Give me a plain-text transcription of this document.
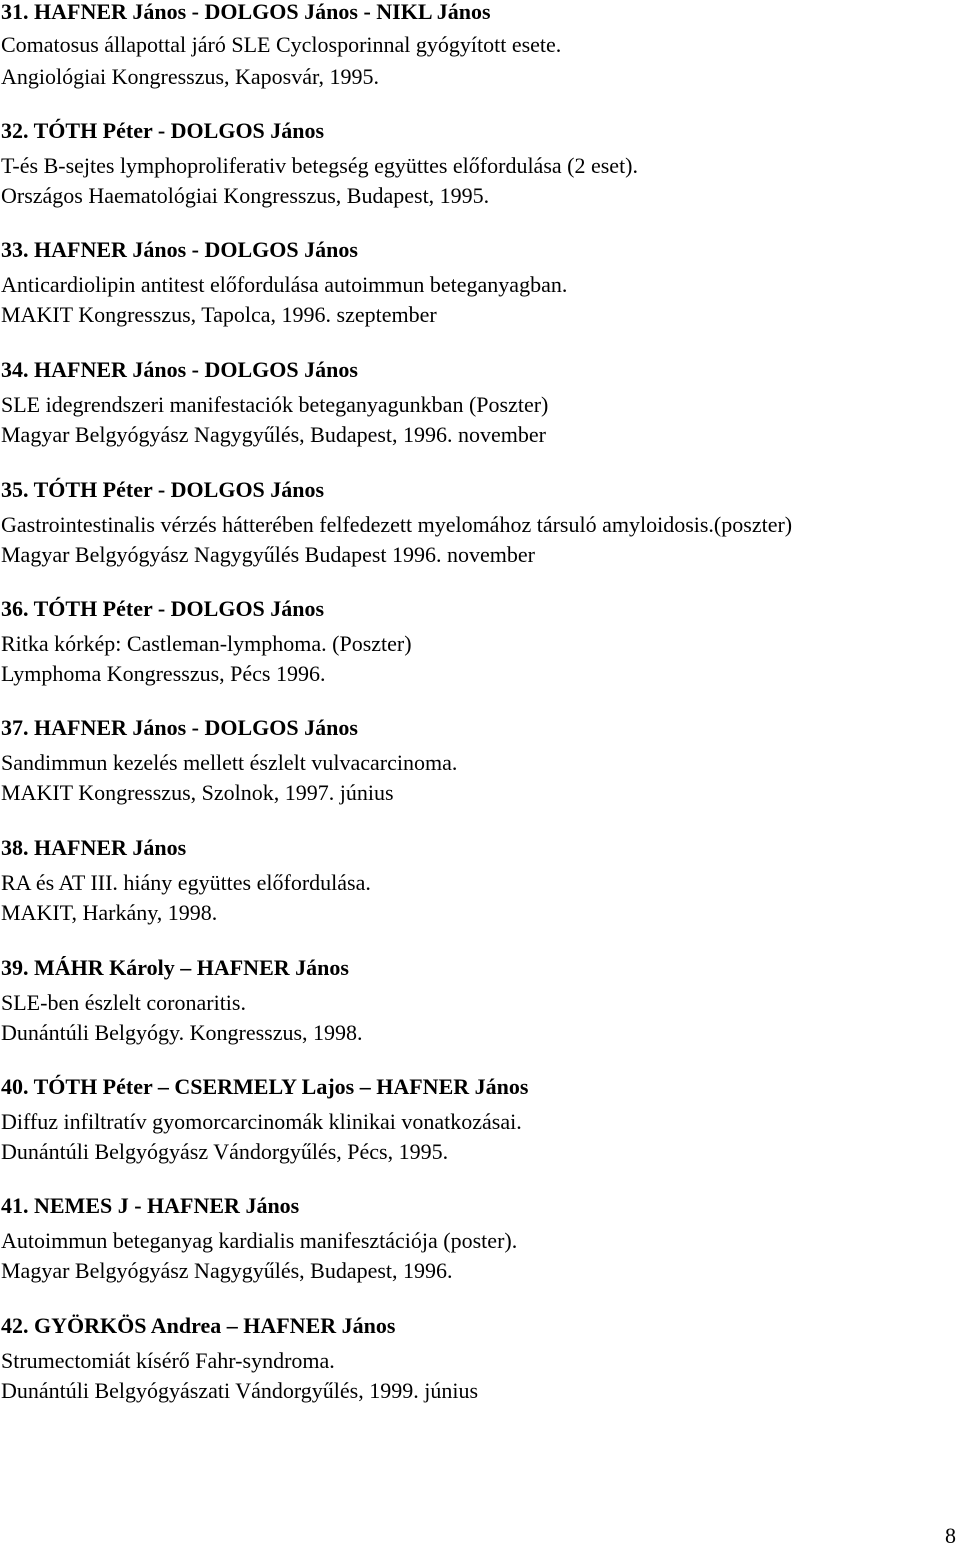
31. HAFNER János - DOLGOS János - NIKL János
Comatosus állapottal járó SLE Cyclosporinnal gyógyított esete.
Angiológiai Kongresszus, Kaposvár, 1995.
32. TÓTH Péter - DOLGOS János
T-és B-sejtes lymphoproliferativ betegség együttes előfordulása (2 eset).
Országos Haematológiai Kongresszus, Budapest, 1995.
33. HAFNER János - DOLGOS János
Anticardiolipin antitest előfordulása autoimmun beteganyagban.
MAKIT Kongresszus, Tapolca, 1996. szeptember
34. HAFNER János - DOLGOS János
SLE idegrendszeri manifestaciók beteganyagunkban (Poszter)
Magyar Belgyógyász Nagygyűlés, Budapest, 1996. november
35. TÓTH Péter - DOLGOS János
Gastrointestinalis vérzés hátterében felfedezett myelomához társuló amyloidosis.(poszter)
Magyar Belgyógyász Nagygyűlés Budapest 1996. november
36. TÓTH Péter - DOLGOS János
Ritka kórkép: Castleman-lymphoma. (Poszter)
Lymphoma Kongresszus, Pécs 1996.
37. HAFNER János - DOLGOS János
Sandimmun kezelés mellett észlelt vulvacarcinoma.
MAKIT Kongresszus, Szolnok, 1997. június
38. HAFNER János
RA és AT III. hiány együttes előfordulása.
MAKIT, Harkány, 1998.
39. MÁHR Károly – HAFNER János
SLE-ben észlelt coronaritis.
Dunántúli Belgyógy. Kongresszus, 1998.
40. TÓTH Péter – CSERMELY Lajos – HAFNER János
Diffuz infiltratív gyomorcarcinomák klinikai vonatkozásai.
Dunántúli Belgyógyász Vándorgyűlés, Pécs, 1995.
41. NEMES J - HAFNER János
Autoimmun beteganyag kardialis manifesztációja (poster).
Magyar Belgyógyász Nagygyűlés, Budapest, 1996.
42. GYÖRKÖS Andrea – HAFNER János
Strumectomiát kísérő Fahr-syndroma.
Dunántúli Belgyógyászati Vándorgyűlés, 1999. június
8
